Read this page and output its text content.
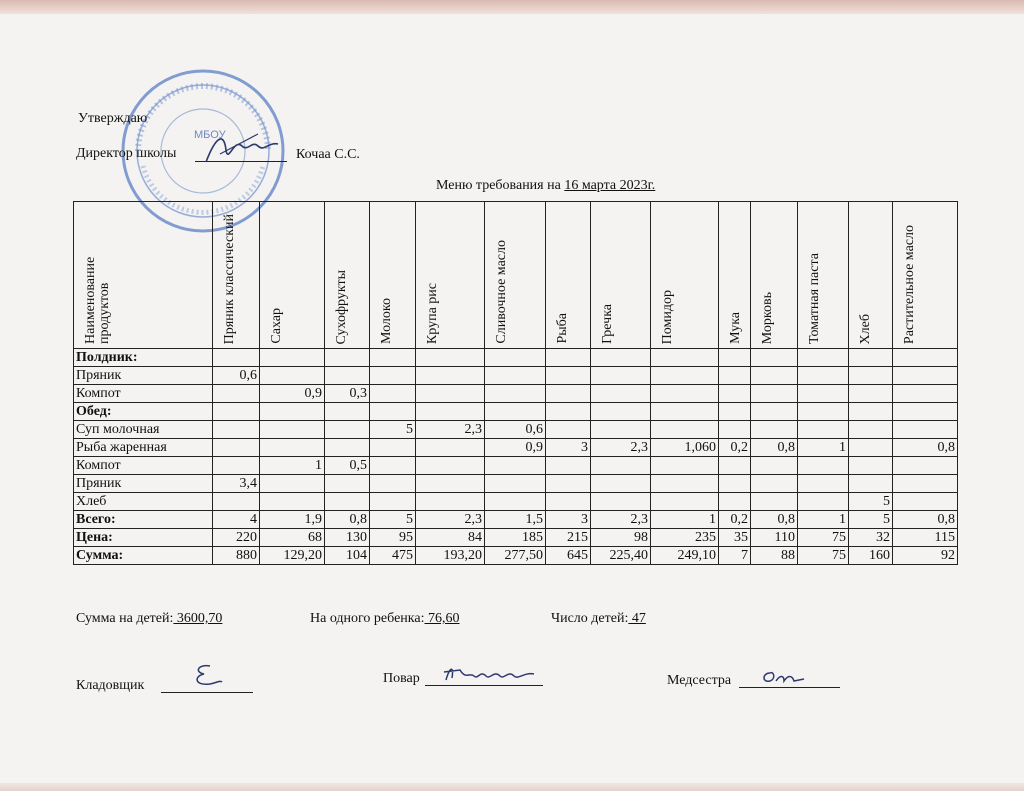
МБОУ
Утверждаю
Директор школы	Кочаа С.С.
Меню требования на 16 марта 2023г.
Наименование продуктов	Пряник классический	Сахар	Сухофрукты	Молоко	Крупа рис	Сливочное масло	Рыба	Гречка	Помидор	Мука	Морковь	Томатная паста	Хлеб	Растительное масло

Полдник:														
Пряник	0,6													
Компот		0,9	0,3											
Обед:														
Суп молочная				5	2,3	0,6								
Рыба жаренная						0,9	3	2,3	1,060	0,2	0,8	1		0,8
Компот		1	0,5											
Пряник	3,4													
Хлеб													5	
Всего:	4	1,9	0,8	5	2,3	1,5	3	2,3	1	0,2	0,8	1	5	0,8
Цена:	220	68	130	95	84	185	215	98	235	35	110	75	32	115
Сумма:	880	129,20	104	475	193,20	277,50	645	225,40	249,10	7	88	75	160	92
Сумма на детей: 3600,70	На одного ребенка: 76,60	Число детей: 47
Кладовщик	Повар	Медсестра
